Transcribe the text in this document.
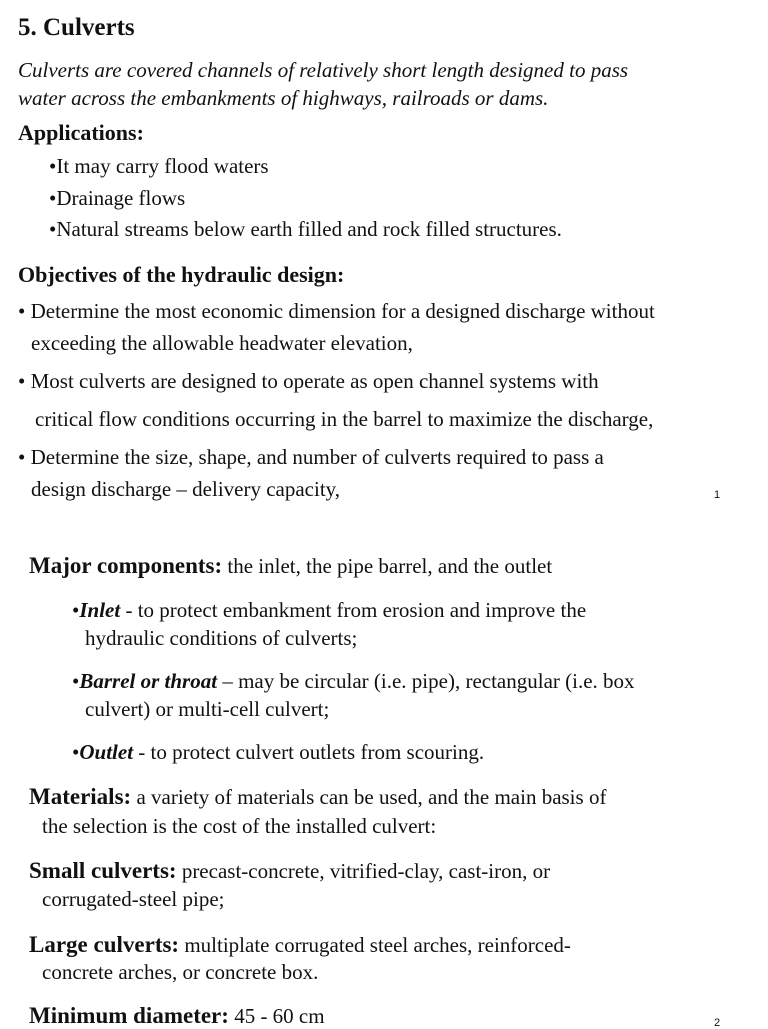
5. Culverts
Culverts are covered channels of relatively short length designed to pass
water across the embankments of highways, railroads or dams.
Applications:
•It may carry flood waters
•Drainage flows
•Natural streams below earth filled and rock filled structures.
Objectives of the hydraulic design:
• Determine the most economic dimension for a designed discharge without
exceeding the allowable headwater elevation,
• Most culverts are designed to operate as open channel systems with
critical flow conditions occurring in the barrel to maximize the discharge,
• Determine the size, shape, and number of culverts required to pass a
design discharge – delivery capacity,	1
Major components: the inlet, the pipe barrel, and the outlet
•Inlet - to protect embankment from erosion and improve the
hydraulic conditions of culverts;
•Barrel or throat – may be circular (i.e. pipe), rectangular (i.e. box
culvert) or multi-cell culvert;
•Outlet - to protect culvert outlets from scouring.
Materials: a variety of materials can be used, and the main basis of
the selection is the cost of the installed culvert:
Small culverts: precast-concrete, vitrified-clay, cast-iron, or
corrugated-steel pipe;
Large culverts: multiplate corrugated steel arches, reinforced-
concrete arches, or concrete box.
Minimum diameter: 45 - 60 cm	2
